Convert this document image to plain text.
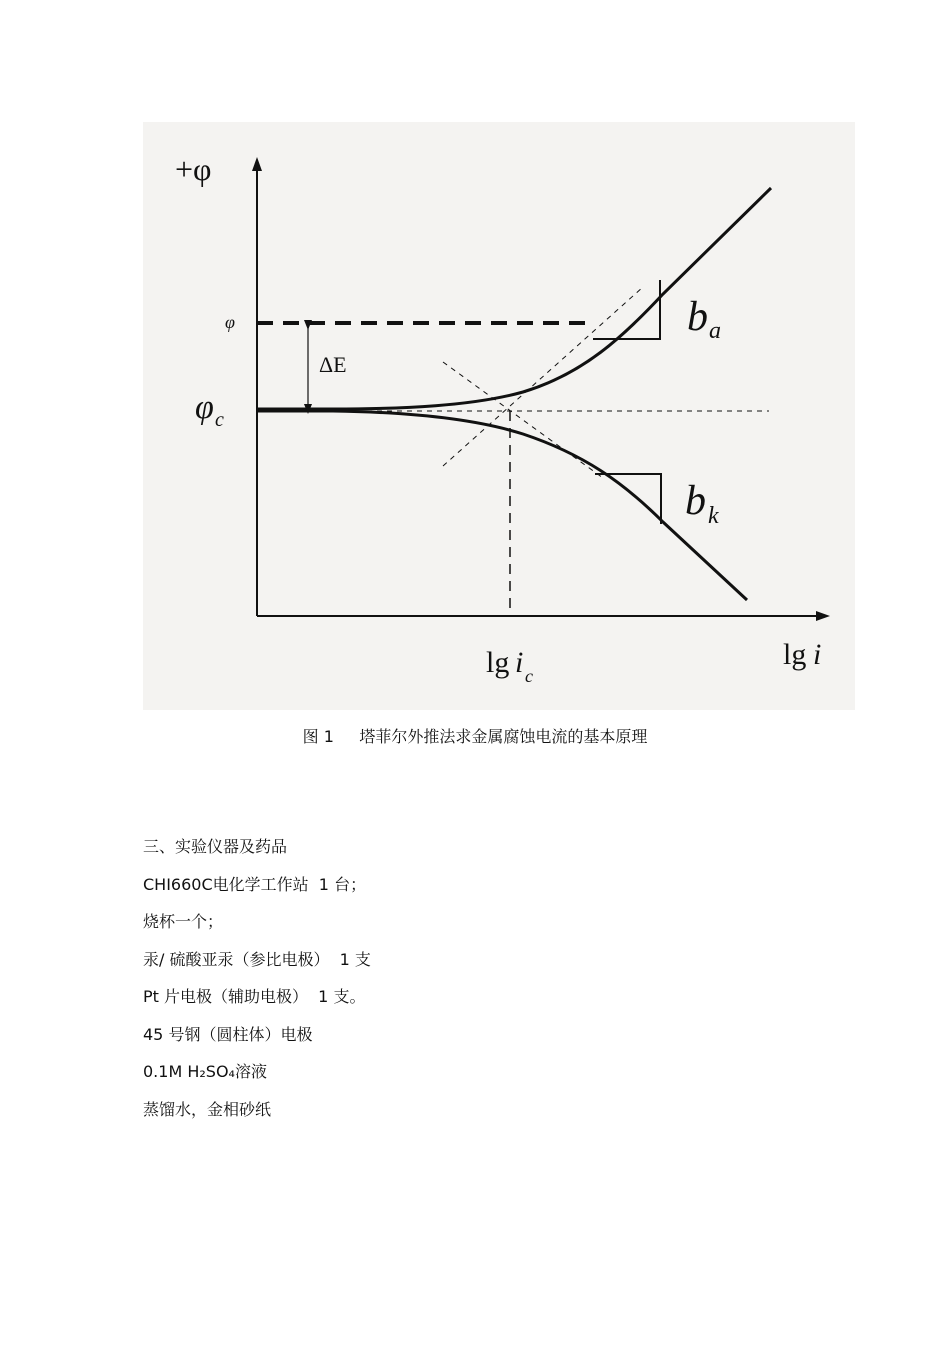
+φ
φ
ΔE
φ c
b a
b k
lg i c
lg i
图 1     塔菲尔外推法求金属腐蚀电流的基本原理
三、实验仪器及药品
CHI660C电化学工作站  1 台；
烧杯一个；
汞/ 硫酸亚汞（参比电极）  1 支
Pt 片电极（辅助电极）  1 支。
45 号钢（圆柱体）电极
0.1M H₂SO₄溶液
蒸馏水，金相砂纸
